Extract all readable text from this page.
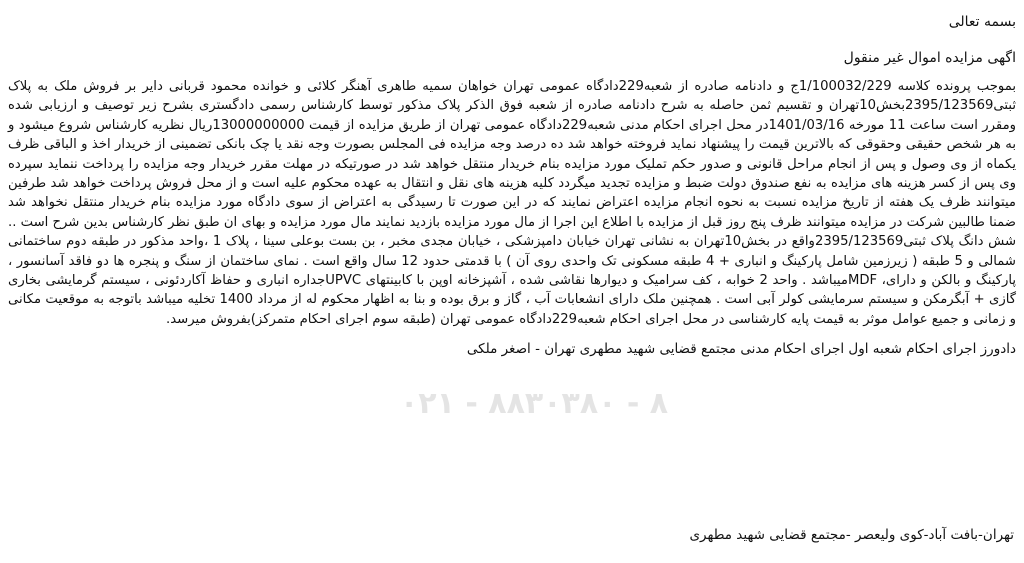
۰۲۱ - ۸۸۳۰۳۸۰ - ۸
بسمه تعالی
اگهی مزایده اموال غیر منقول
بموجب پرونده کلاسه 1/100032/229ج و دادنامه صادره از شعبه229دادگاه عمومی تهران خواهان سمیه طاهری آهنگر کلائی و خوانده محمود قربانی دایر بر فروش ملک به پلاک ثبتی2395/123569بخش10تهران و تقسیم ثمن حاصله به شرح دادنامه صادره از شعبه فوق الذکر پلاک مذکور توسط کارشناس رسمی دادگستری بشرح زیر توصیف و ارزیابی شده ومقرر است ساعت 11 مورخه 1401/03/16در محل اجرای احکام مدنی شعبه229دادگاه عمومی تهران از طریق مزایده از قیمت 13000000000ریال نظریه کارشناس شروع میشود و به هر شخص حقیقی وحقوقی که بالاترین قیمت را پیشنهاد نماید فروخته خواهد شد ده درصد وجه مزایده فی المجلس بصورت وجه نقد یا چک بانکی تضمینی از خریدار اخذ و الباقی ظرف یکماه از وی وصول و پس از انجام مراحل قانونی و صدور حکم تملیک مورد مزایده بنام خریدار منتقل خواهد شد در صورتیکه در مهلت مقرر خریدار وجه مزایده را پرداخت ننماید سپرده وی پس از کسر هزینه های مزایده به نفع صندوق دولت ضبط و مزایده تجدید میگردد کلیه هزینه های نقل و انتقال به عهده محکوم علیه است و از محل فروش پرداخت خواهد شد طرفین میتوانند ظرف یک هفته از تاریخ مزایده نسبت به نحوه انجام مزایده اعتراض نمایند که در این صورت تا رسیدگی به اعتراض از سوی دادگاه مورد مزایده بنام خریدار منتقل نخواهد شد ضمنا طالبین شرکت در مزایده میتوانند ظرف پنج روز قبل از مزایده با اطلاع این اجرا از مال مورد مزایده بازدید نمایند مال مورد مزایده و بهای ان طبق نظر کارشناس بدین شرح است .. شش دانگ پلاک ثبتی2395/123569واقع در بخش10تهران به نشانی تهران خیابان دامپزشکی ، خیابان مجدی مخبر ، بن بست بوعلی سینا ، پلاک 1 ،واحد مذکور در طبقه دوم ساختمانی شمالی و 5 طبقه ( زیرزمین شامل پارکینگ و انباری + 4 طبقه مسکونی تک واحدی روی آن ) با قدمتی حدود 12 سال واقع است . نمای ساختمان از سنگ و پنجره ها دو فاقد آسانسور ، پارکینگ و بالکن و دارای، MDFمیباشد . واحد 2 خوابه ، کف سرامیک و دیوارها نقاشی شده ، آشپزخانه اوپن با کابینتهای UPVCجداره انباری و حفاظ آکاردئونی ، سیستم گرمایشی بخاری گازی + آبگرمکن و سیستم سرمایشی کولر آبی است . همچنین ملک دارای انشعابات آب ، گاز و برق بوده و بنا به اظهار محکوم له از مرداد 1400 تخلیه میباشد باتوجه به موقعیت مکانی و زمانی و جمیع عوامل موثر به قیمت پایه کارشناسی در محل اجرای احکام شعبه229دادگاه عمومی تهران (طبقه سوم اجرای احکام متمرکز)بفروش میرسد.
دادورز اجرای احکام شعبه اول اجرای احکام مدنی مجتمع قضایی شهید مطهری تهران - اصغر ملکی
تهران-بافت آباد-کوی ولیعصر -مجتمع قضایی شهید مطهری
